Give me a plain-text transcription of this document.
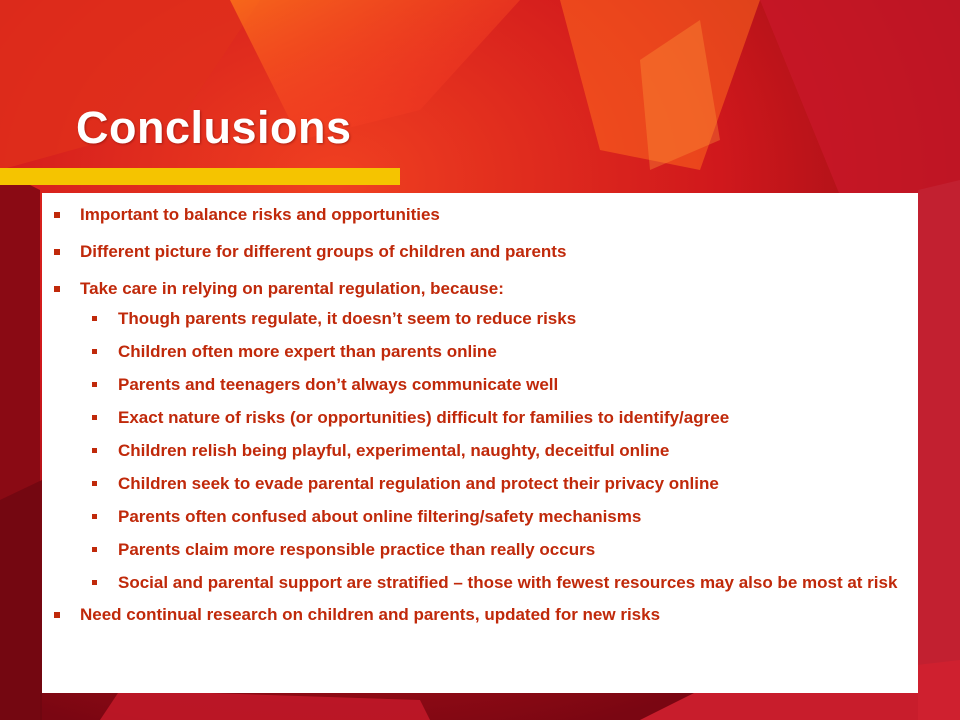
Conclusions
Important to balance risks and opportunities
Different picture for different groups of children and parents
Take care in relying on parental regulation, because:
Though parents regulate, it doesn’t seem to reduce risks
Children often more expert than parents online
Parents and teenagers don’t always communicate well
Exact nature of risks (or opportunities) difficult for families to identify/agree
Children relish being playful, experimental, naughty, deceitful online
Children seek to evade parental regulation and protect their privacy online
Parents often confused about online filtering/safety mechanisms
Parents claim more responsible practice than really occurs
Social and parental support are stratified – those with fewest resources may also be most at risk
Need continual research on children and parents, updated for new risks
